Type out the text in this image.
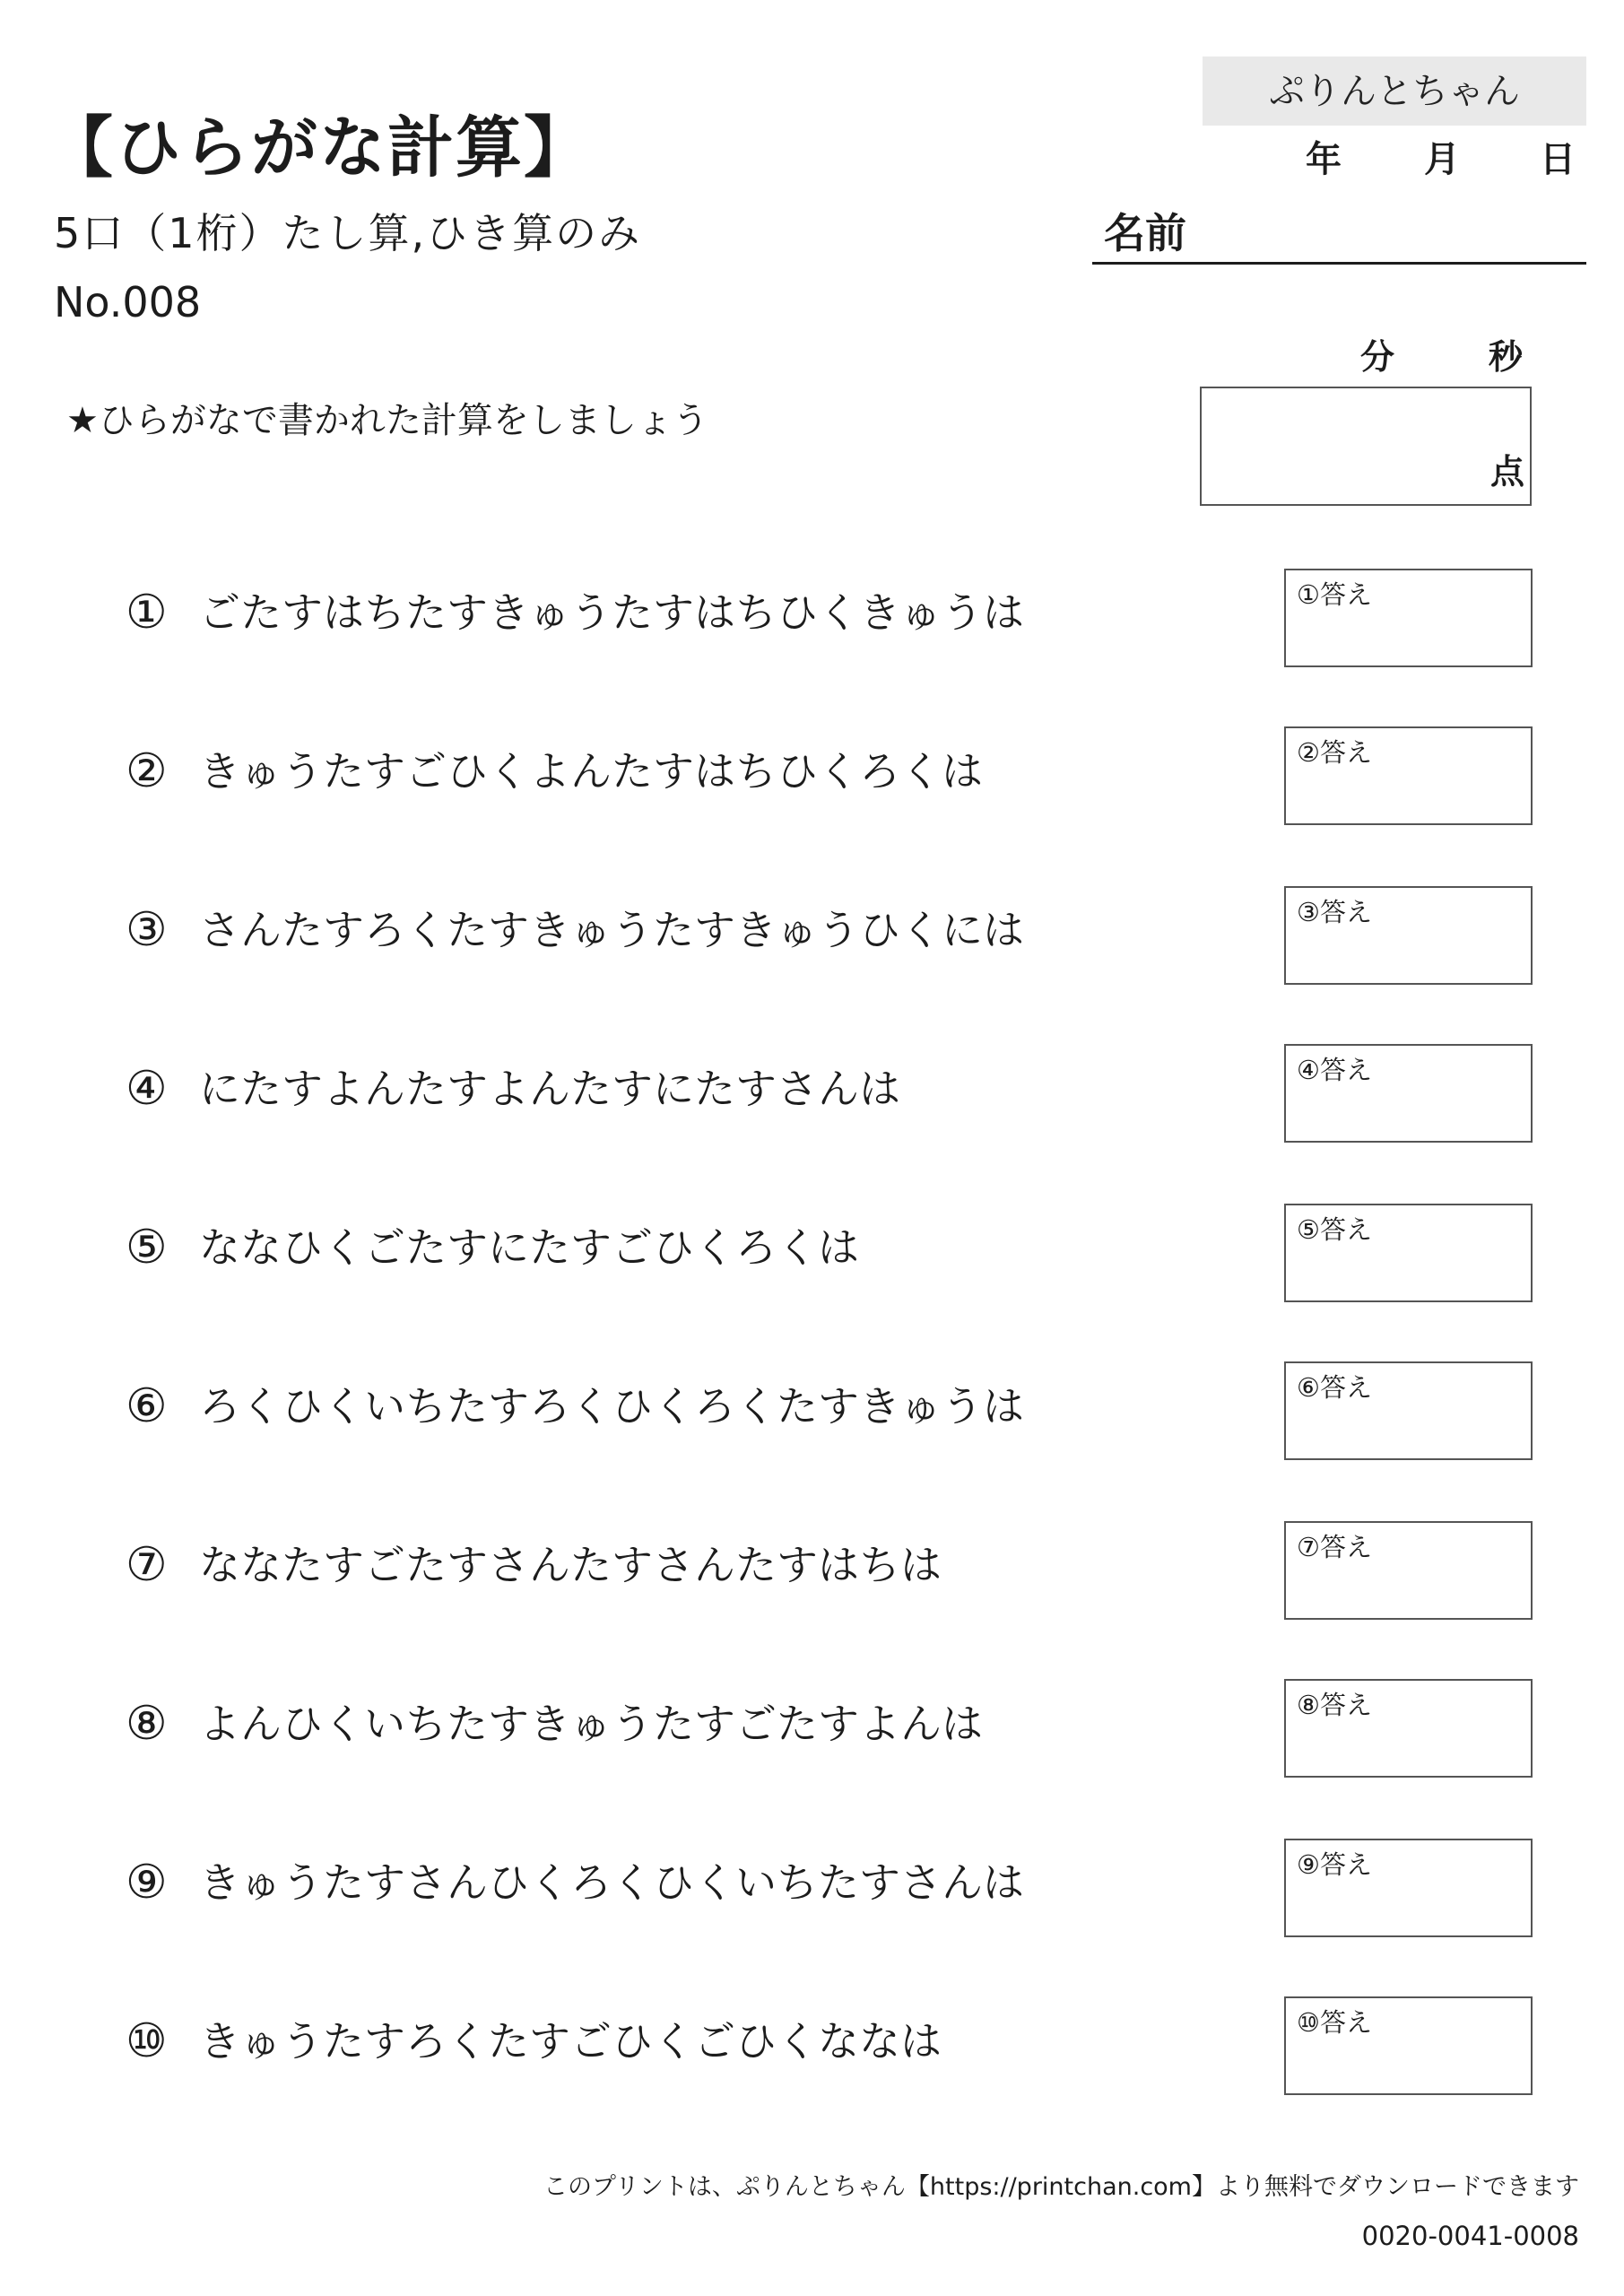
ぷりんとちゃん
【ひらがな計算】	年 月 日
5口（1桁）たし算,ひき算のみ	名前
No.008
分	秒
点
★ひらがなで書かれた計算をしましょう
① ごたすはちたすきゅうたすはちひくきゅうは
② きゅうたすごひくよんたすはちひくろくは
③ さんたすろくたすきゅうたすきゅうひくには
④ にたすよんたすよんたすにたすさんは
⑤ ななひくごたすにたすごひくろくは
⑥ ろくひくいちたすろくひくろくたすきゅうは
⑦ ななたすごたすさんたすさんたすはちは
⑧ よんひくいちたすきゅうたすごたすよんは
⑨ きゅうたすさんひくろくひくいちたすさんは
⑩ きゅうたすろくたすごひくごひくななは
①答え
②答え
③答え
④答え
⑤答え
⑥答え
⑦答え
⑧答え
⑨答え
⑩答え
このプリントは、ぷりんとちゃん【https://printchan.com】より無料でダウンロードできます
0020-0041-0008
